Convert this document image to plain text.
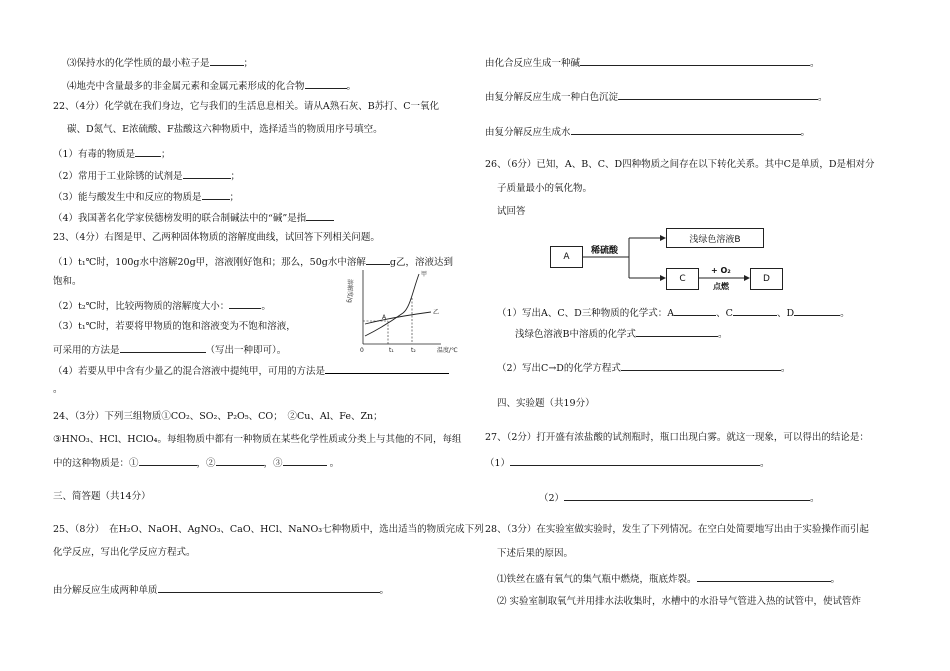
⑶保持水的化学性质的最小粒子是	；
⑷地壳中含量最多的非金属元素和金属元素形成的化合物	。
22、（4分）化学就在我们身边，它与我们的生活息息相关。请从A熟石灰、B苏打、C一氧化
碳、D氮气、E浓硫酸、F盐酸这六种物质中，选择适当的物质用序号填空。
（1）有毒的物质是	；
（2）常用于工业除锈的试剂是	；
（3）能与酸发生中和反应的物质是	；
（4）我国著名化学家侯德榜发明的联合制碱法中的“碱”是指
23、（4分）右图是甲、乙两种固体物质的溶解度曲线，试回答下列相关问题。
（1）t₁℃时，100g水中溶解20g甲，溶液刚好饱和；那么，50g水中溶解	g乙，溶液达到
饱和。
（2）t₂℃时，比较两物质的溶解度大小：	。
（3）t₁℃时，若要将甲物质的饱和溶液变为不饱和溶液，
可采用的方法是	（写出一种即可）。
（4）若要从甲中含有少量乙的混合溶液中提纯甲，可用的方法是
。
24、（3分）下列三组物质①CO₂、SO₂、P₂O₅、CO；　②Cu、Al、Fe、Zn；
③HNO₃、HCl、HClO₄。每组物质中都有一种物质在某些化学性质或分类上与其他的不同，每组
中的这种物质是：①	，②	，③	。
三、简答题（共14分）
25、（8分）　在H₂O、NaOH、AgNO₃、CaO、HCl、NaNO₃七种物质中，选出适当的物质完成下列
化学反应，写出化学反应方程式。
由分解反应生成两种单质	。
溶解度/g
0	t₁	t₂	温度/℃
A
甲
乙
由化合反应生成一种碱	。
由复分解反应生成一种白色沉淀	。
由复分解反应生成水	。
26、（6分）已知，A、B、C、D四种物质之间存在以下转化关系。其中C是单质，D是相对分
子质量最小的氧化物。
试回答
（1）写出A、C、D三种物质的化学式：A	、C	、D	。
浅绿色溶液B中溶质的化学式	。
（2）写出C→D的化学方程式	。
四、实验题（共19分）
27、（2分）打开盛有浓盐酸的试剂瓶时，瓶口出现白雾。就这一现象，可以得出的结论是：
（1）	。
（2）	。
28、（3分）在实验室做实验时，发生了下列情况。在空白处简要地写出由于实验操作而引起
下述后果的原因。
⑴铁丝在盛有氧气的集气瓶中燃烧，瓶底炸裂。	。
⑵ 实验室制取氧气并用排水法收集时，水槽中的水沿导气管进入热的试管中，使试管炸
A
浅绿色溶液B
C	D
稀硫酸
+ O₂
点燃
